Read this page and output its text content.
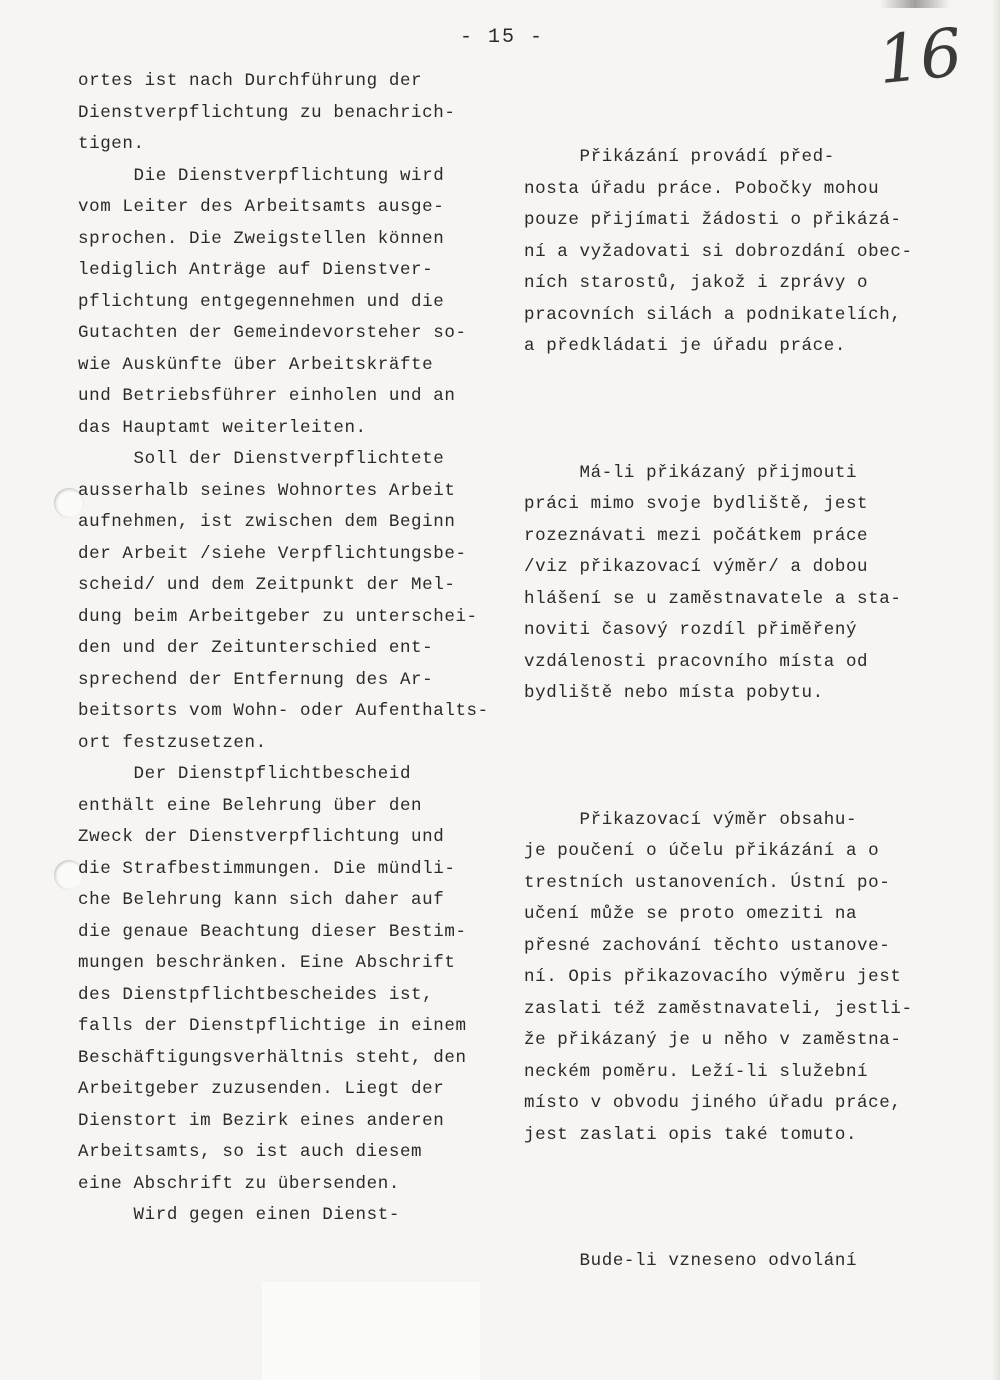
- 15 -	16
ortes ist nach Durchführung der
Dienstverpflichtung zu benachrich-
tigen.
Die Dienstverpflichtung wird
vom Leiter des Arbeitsamts ausge-
sprochen. Die Zweigstellen können
lediglich Anträge auf Dienstver-
pflichtung entgegennehmen und die
Gutachten der Gemeindevorsteher so-
wie Auskünfte über Arbeitskräfte
und Betriebsführer einholen und an
das Hauptamt weiterleiten.
Soll der Dienstverpflichtete
ausserhalb seines Wohnortes Arbeit
aufnehmen, ist zwischen dem Beginn
der Arbeit /siehe Verpflichtungsbe-
scheid/ und dem Zeitpunkt der Mel-
dung beim Arbeitgeber zu unterschei-
den und der Zeitunterschied ent-
sprechend der Entfernung des Ar-
beitsorts vom Wohn- oder Aufenthalts-
ort festzusetzen.
Der Dienstpflichtbescheid
enthält eine Belehrung über den
Zweck der Dienstverpflichtung und
die Strafbestimmungen. Die mündli-
che Belehrung kann sich daher auf
die genaue Beachtung dieser Bestim-
mungen beschränken. Eine Abschrift
des Dienstpflichtbescheides ist,
falls der Dienstpflichtige in einem
Beschäftigungsverhältnis steht, den
Arbeitgeber zuzusenden. Liegt der
Dienstort im Bezirk eines anderen
Arbeitsamts, so ist auch diesem
eine Abschrift zu übersenden.
Wird gegen einen Dienst-
Přikázání provádí před-
nosta úřadu práce. Pobočky mohou
pouze přijímati žádosti o přikázá-
ní a vyžadovati si dobrozdání obec-
ních starostů, jakož i zprávy o
pracovních silách a podnikatelích,
a předkládati je úřadu práce.
Má-li přikázaný přijmouti
práci mimo svoje bydliště, jest
rozeznávati mezi počátkem práce
/viz přikazovací výměr/ a dobou
hlášení se u zaměstnavatele a sta-
noviti časový rozdíl přiměřený
vzdálenosti pracovního místa od
bydliště nebo místa pobytu.
Přikazovací výměr obsahu-
je poučení o účelu přikázání a o
trestních ustanoveních. Ústní po-
učení může se proto omeziti na
přesné zachování těchto ustanove-
ní. Opis přikazovacího výměru jest
zaslati též zaměstnavateli, jestli-
že přikázaný je u něho v zaměstna-
neckém poměru. Leží-li služební
místo v obvodu jiného úřadu práce,
jest zaslati opis také tomuto.
Bude-li vzneseno odvolání
